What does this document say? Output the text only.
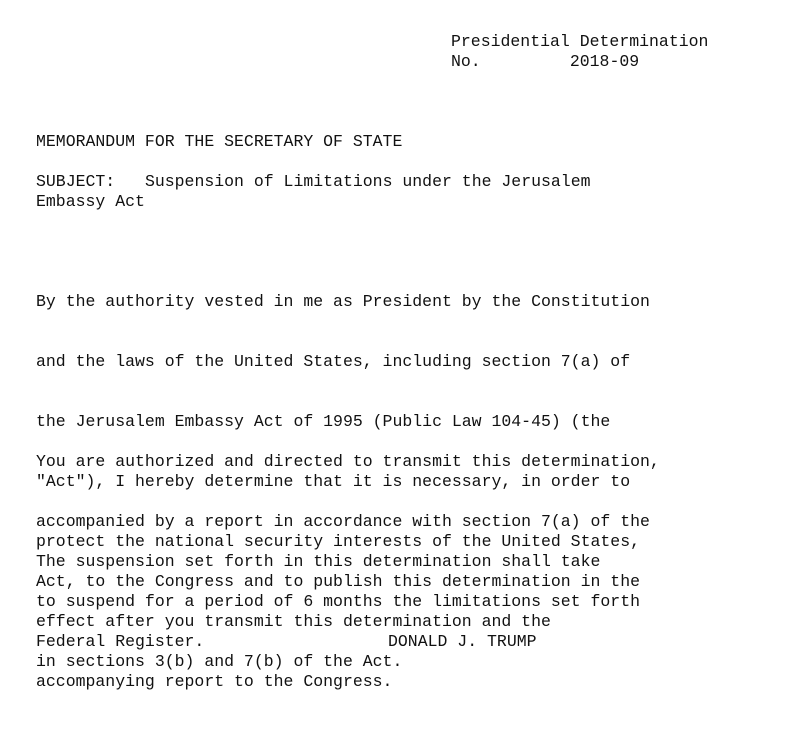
Presidential Determination
No.	2018-09
MEMORANDUM FOR THE SECRETARY OF STATE
SUBJECT: Suspension of Limitations under the Jerusalem
Embassy Act

By the authority vested in me as President by the Constitution

and the laws of the United States, including section 7(a) of

the Jerusalem Embassy Act of 1995 (Public Law 104-45) (the

"Act"), I hereby determine that it is necessary, in order to

protect the national security interests of the United States,

to suspend for a period of 6 months the limitations set forth

in sections 3(b) and 7(b) of the Act.

You are authorized and directed to transmit this determination,

accompanied by a report in accordance with section 7(a) of the

Act, to the Congress and to publish this determination in the

Federal Register.

The suspension set forth in this determination shall take

effect after you transmit this determination and the

accompanying report to the Congress.

DONALD J. TRUMP
